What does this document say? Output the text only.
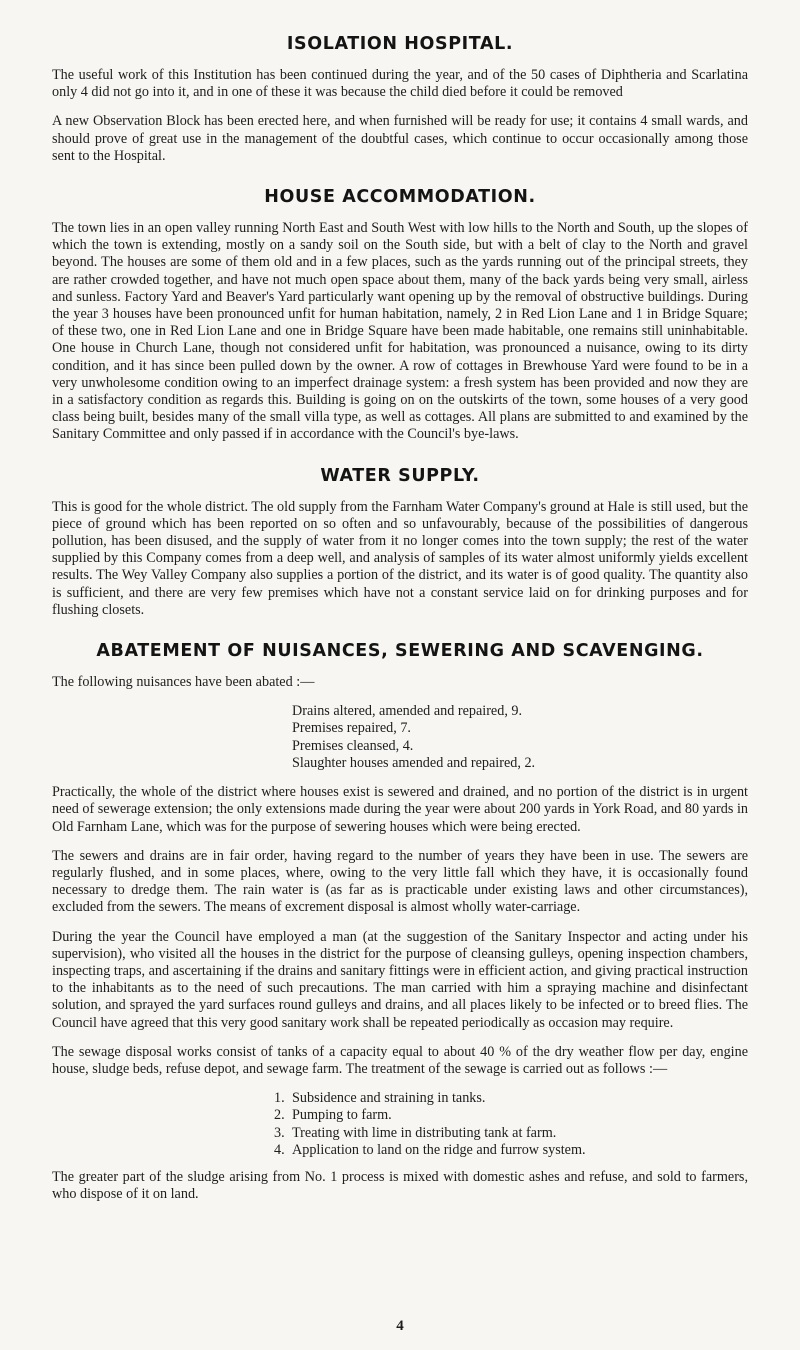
ISOLATION HOSPITAL.

The useful work of this Institution has been continued during the year, and of the 50 cases of Diphtheria and Scarlatina only 4 did not go into it, and in one of these it was because the child died before it could be removed

A new Observation Block has been erected here, and when furnished will be ready for use; it contains 4 small wards, and should prove of great use in the management of the doubtful cases, which continue to occur occasionally among those sent to the Hospital.

HOUSE ACCOMMODATION.

The town lies in an open valley running North East and South West with low hills to the North and South, up the slopes of which the town is extending, mostly on a sandy soil on the South side, but with a belt of clay to the North and gravel beyond. The houses are some of them old and in a few places, such as the yards running out of the principal streets, they are rather crowded together, and have not much open space about them, many of the back yards being very small, airless and sunless. Factory Yard and Beaver's Yard particularly want opening up by the removal of obstructive buildings. During the year 3 houses have been pronounced unfit for human habitation, namely, 2 in Red Lion Lane and 1 in Bridge Square; of these two, one in Red Lion Lane and one in Bridge Square have been made habitable, one remains still uninhabitable. One house in Church Lane, though not considered unfit for habitation, was pronounced a nuisance, owing to its dirty condition, and it has since been pulled down by the owner. A row of cottages in Brewhouse Yard were found to be in a very unwholesome condition owing to an imperfect drainage system: a fresh system has been provided and now they are in a satisfactory condition as regards this. Building is going on on the outskirts of the town, some houses of a very good class being built, besides many of the small villa type, as well as cottages. All plans are submitted to and examined by the Sanitary Committee and only passed if in accordance with the Council's bye-laws.

WATER SUPPLY.

This is good for the whole district. The old supply from the Farnham Water Company's ground at Hale is still used, but the piece of ground which has been reported on so often and so unfavourably, because of the possibilities of dangerous pollution, has been disused, and the supply of water from it no longer comes into the town supply; the rest of the water supplied by this Company comes from a deep well, and analysis of samples of its water almost uniformly yields excellent results. The Wey Valley Company also supplies a portion of the district, and its water is of good quality. The quantity also is sufficient, and there are very few premises which have not a constant service laid on for drinking purposes and for flushing closets.

ABATEMENT OF NUISANCES, SEWERING AND SCAVENGING.

The following nuisances have been abated :—

Drains altered, amended and repaired, 9.
Premises repaired, 7.
Premises cleansed, 4.
Slaughter houses amended and repaired, 2.

Practically, the whole of the district where houses exist is sewered and drained, and no portion of the district is in urgent need of sewerage extension; the only extensions made during the year were about 200 yards in York Road, and 80 yards in Old Farnham Lane, which was for the purpose of sewering houses which were being erected.

The sewers and drains are in fair order, having regard to the number of years they have been in use. The sewers are regularly flushed, and in some places, where, owing to the very little fall which they have, it is occasionally found necessary to dredge them. The rain water is (as far as is practicable under existing laws and other circumstances), excluded from the sewers. The means of excrement disposal is almost wholly water-carriage.

During the year the Council have employed a man (at the suggestion of the Sanitary Inspector and acting under his supervision), who visited all the houses in the district for the purpose of cleansing gulleys, opening inspection chambers, inspecting traps, and ascertaining if the drains and sanitary fittings were in efficient action, and giving practical instruction to the inhabitants as to the need of such precautions. The man carried with him a spraying machine and disinfectant solution, and sprayed the yard surfaces round gulleys and drains, and all places likely to be infected or to breed flies. The Council have agreed that this very good sanitary work shall be repeated periodically as occasion may require.

The sewage disposal works consist of tanks of a capacity equal to about 40 % of the dry weather flow per day, engine house, sludge beds, refuse depot, and sewage farm. The treatment of the sewage is carried out as follows :—

1. Subsidence and straining in tanks.
2. Pumping to farm.
3. Treating with lime in distributing tank at farm.
4. Application to land on the ridge and furrow system.

The greater part of the sludge arising from No. 1 process is mixed with domestic ashes and refuse, and sold to farmers, who dispose of it on land.

4
